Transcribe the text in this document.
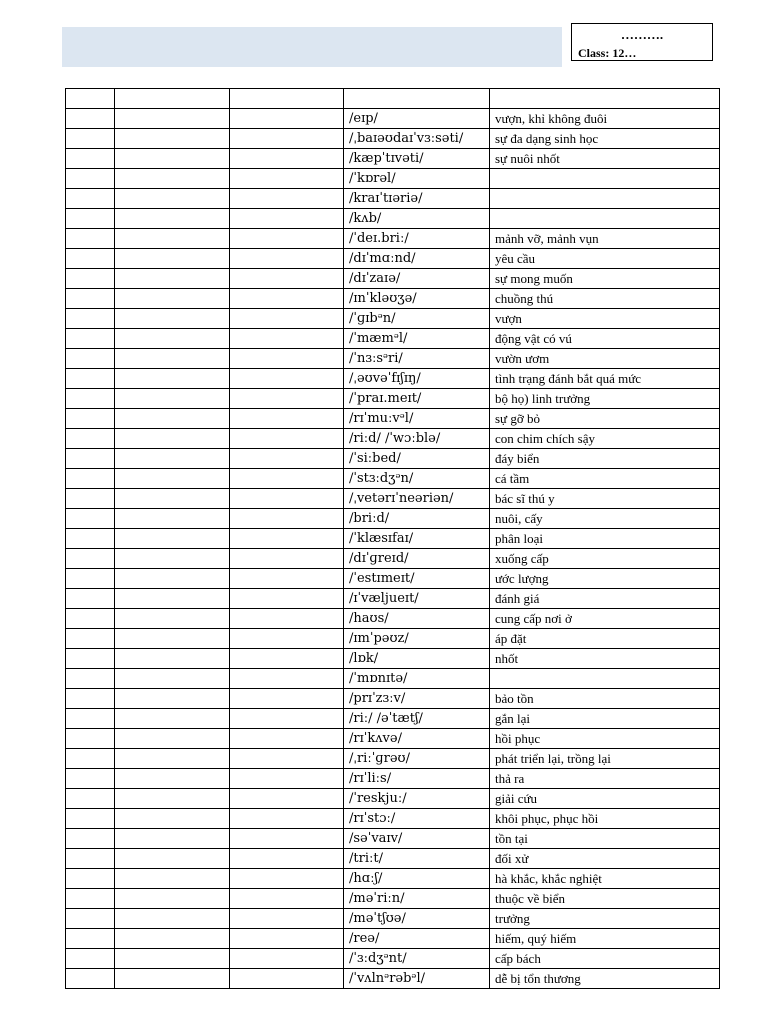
……….
Class: 12…

			/eɪp/	vượn, khỉ không đuôi
			/ˌbaɪəʊdaɪˈvɜːsəti/	sự đa dạng sinh học
			/kæpˈtɪvəti/	sự nuôi nhốt
			/ˈkɒrəl/	
			/kraɪˈtɪəriə/	
			/kʌb/	
			/ˈdeɪ.briː/	mảnh vỡ, mảnh vụn
			/dɪˈmɑːnd/	yêu cầu
			/dɪˈzaɪə/	sự mong muốn
			/ɪnˈkləʊʒə/	chuồng thú
			/ˈɡɪbᵊn/	vượn
			/ˈmæmᵊl/	động vật có vú
			/ˈnɜːsᵊri/	vườn ươm
			/ˌəʊvəˈfɪʃɪŋ/	tình trạng đánh bắt quá mức
			/ˈpraɪ.meɪt/	bộ họ) linh trưởng
			/rɪˈmuːvᵊl/	sự gỡ bỏ
			/riːd/ /ˈwɔːblə/	con chim chích sậy
			/ˈsiːbed/	đáy biển
			/ˈstɜːdʒᵊn/	cá tầm
			/ˌvetərɪˈneəriən/	bác sĩ thú y
			/briːd/	nuôi, cấy
			/ˈklæsɪfaɪ/	phân loại
			/dɪˈɡreɪd/	xuống cấp
			/ˈestɪmeɪt/	ước lượng
			/ɪˈvæljueɪt/	đánh giá
			/haʊs/	cung cấp nơi ở
			/ɪmˈpəʊz/	áp đặt
			/lɒk/	nhốt
			/ˈmɒnɪtə/	
			/prɪˈzɜːv/	bảo tồn
			/riː/ /əˈtætʃ/	gắn lại
			/rɪˈkʌvə/	hồi phục
			/ˌriːˈɡrəʊ/	phát triển lại, trồng lại
			/rɪˈliːs/	thả ra
			/ˈreskjuː/	giải cứu
			/rɪˈstɔː/	khôi phục, phục hồi
			/səˈvaɪv/	tồn tại
			/triːt/	đối xử
			/hɑːʃ/	hà khắc, khắc nghiệt
			/məˈriːn/	thuộc về biển
			/məˈtʃʊə/	trưởng
			/reə/	hiếm, quý hiếm
			/ˈɜːdʒᵊnt/	cấp bách
			/ˈvʌlnᵊrəbᵊl/	dễ bị tổn thương
